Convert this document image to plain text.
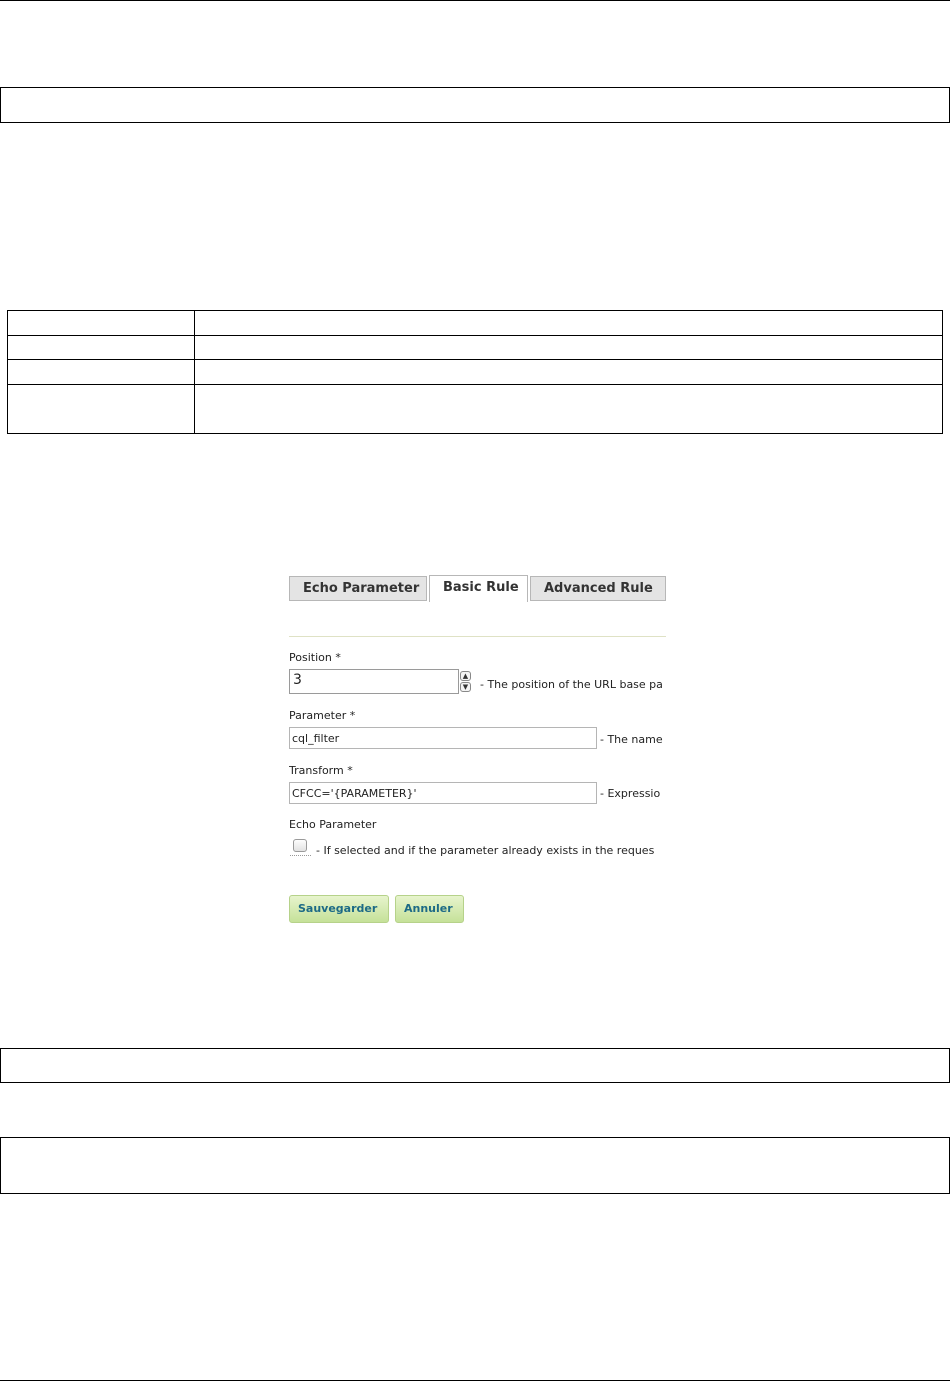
Echo Parameter	Basic Rule	Advanced Rule
Position *
3	▲
▼ - The position of the URL base pa
Parameter *
cql_filter	- The name
Transform *
CFCC='{PARAMETER}'	- Expressio
Echo Parameter
- If selected and if the parameter already exists in the reques
Sauvegarder	Annuler
